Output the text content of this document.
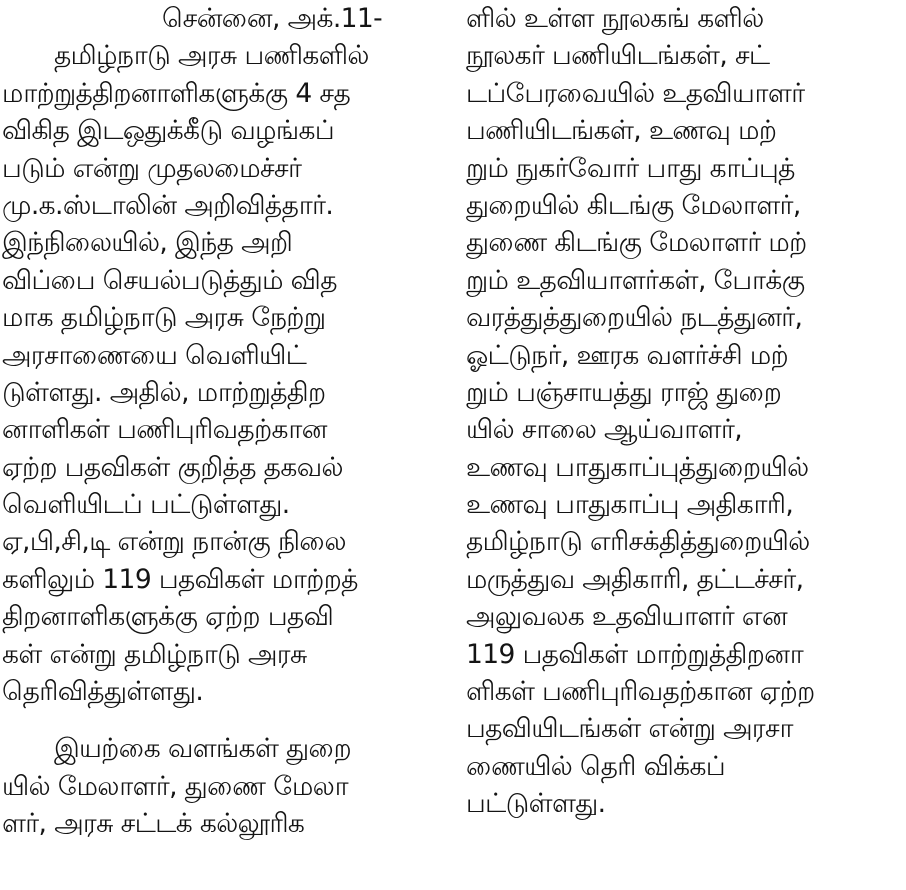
சென்னை, அக்.11-
தமிழ்நாடு அரசு பணிகளில்
மாற்றுத்திறனாளிகளுக்கு 4 சத
விகித இடஒதுக்கீடு வழங்கப்
படும் என்று முதலமைச்சர்
மு.க.ஸ்டாலின் அறிவித்தார்.
இந்நிலையில், இந்த அறி
விப்பை செயல்படுத்தும் வித
மாக தமிழ்நாடு அரசு நேற்று
அரசாணையை வெளியிட்
டுள்ளது. அதில், மாற்றுத்திற
னாளிகள் பணிபுரிவதற்கான
ஏற்ற பதவிகள் குறித்த தகவல்
வெளியிடப் பட்டுள்ளது.
ஏ,பி,சி,டி என்று நான்கு நிலை
களிலும் 119 பதவிகள் மாற்றத்
திறனாளிகளுக்கு ஏற்ற பதவி
கள் என்று தமிழ்நாடு அரசு
தெரிவித்துள்ளது.
இயற்கை வளங்கள் துறை
யில் மேலாளர், துணை மேலா
ளர், அரசு சட்டக் கல்லூரிக
ளில் உள்ள நூலகங் களில்
நூலகர் பணியிடங்கள், சட்
டப்பேரவையில் உதவியாளர்
பணியிடங்கள், உணவு மற்
றும் நுகர்வோர் பாது காப்புத்
துறையில் கிடங்கு மேலாளர்,
துணை கிடங்கு மேலாளர் மற்
றும் உதவியாளர்கள், போக்கு
வரத்துத்துறையில் நடத்துனர்,
ஓட்டுநர், ஊரக வளர்ச்சி மற்
றும் பஞ்சாயத்து ராஜ் துறை
யில் சாலை ஆய்வாளர்,
உணவு பாதுகாப்புத்துறையில்
உணவு பாதுகாப்பு அதிகாரி,
தமிழ்நாடு எரிசக்தித்துறையில்
மருத்துவ அதிகாரி, தட்டச்சர்,
அலுவலக உதவியாளர் என
119 பதவிகள் மாற்றுத்திறனா
ளிகள் பணிபுரிவதற்கான ஏற்ற
பதவியிடங்கள் என்று அரசா
ணையில் தெரி விக்கப்
பட்டுள்ளது.
